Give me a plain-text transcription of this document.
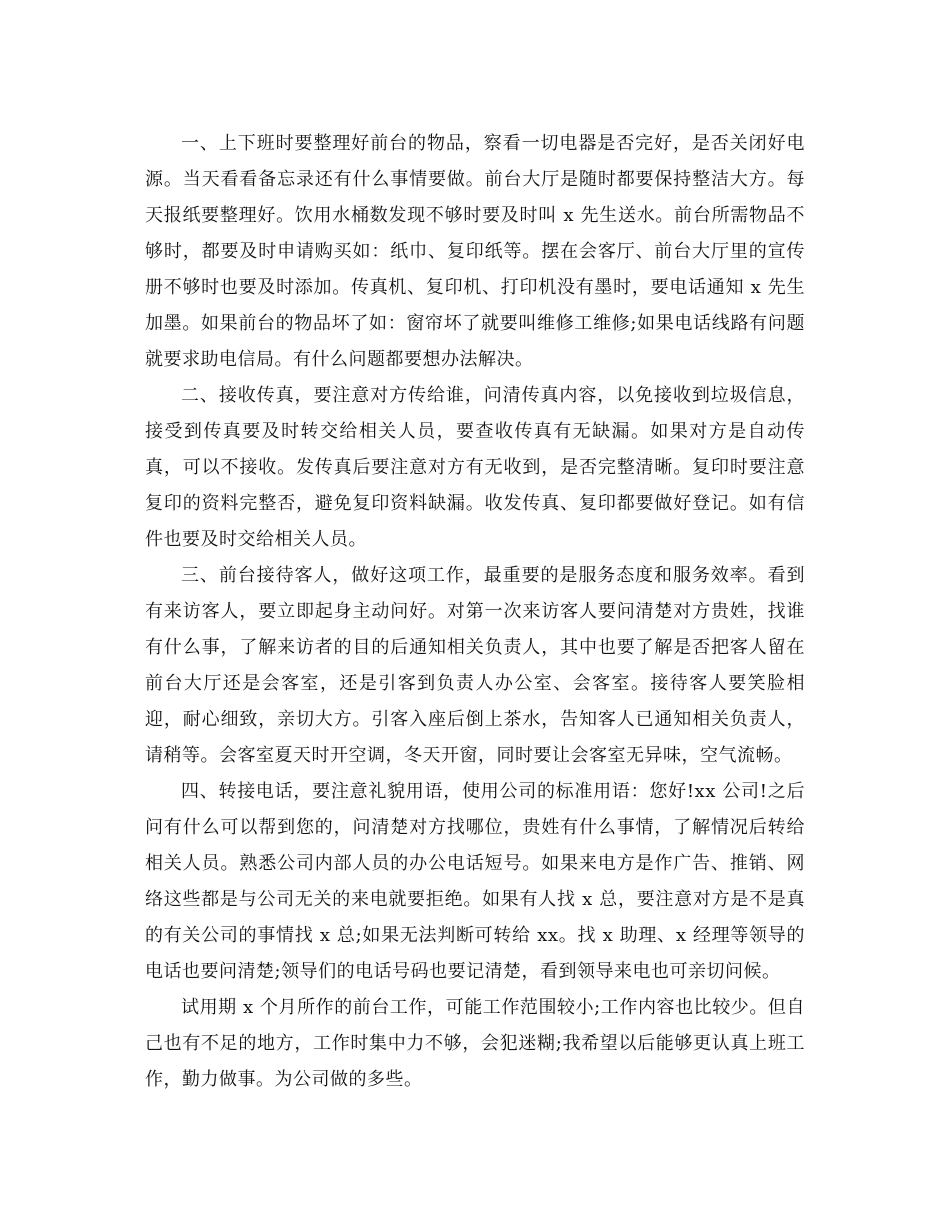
一、上下班时要整理好前台的物品，察看一切电器是否完好，是否关闭好电源。当天看看备忘录还有什么事情要做。前台大厅是随时都要保持整洁大方。每天报纸要整理好。饮用水桶数发现不够时要及时叫 x 先生送水。前台所需物品不够时，都要及时申请购买如：纸巾、复印纸等。摆在会客厅、前台大厅里的宣传册不够时也要及时添加。传真机、复印机、打印机没有墨时，要电话通知 x 先生加墨。如果前台的物品坏了如：窗帘坏了就要叫维修工维修;如果电话线路有问题就要求助电信局。有什么问题都要想办法解决。

二、接收传真，要注意对方传给谁，问清传真内容，以免接收到垃圾信息，接受到传真要及时转交给相关人员，要查收传真有无缺漏。如果对方是自动传真，可以不接收。发传真后要注意对方有无收到，是否完整清晰。复印时要注意复印的资料完整否，避免复印资料缺漏。收发传真、复印都要做好登记。如有信件也要及时交给相关人员。

三、前台接待客人，做好这项工作，最重要的是服务态度和服务效率。看到有来访客人，要立即起身主动问好。对第一次来访客人要问清楚对方贵姓，找谁有什么事，了解来访者的目的后通知相关负责人，其中也要了解是否把客人留在前台大厅还是会客室，还是引客到负责人办公室、会客室。接待客人要笑脸相迎，耐心细致，亲切大方。引客入座后倒上茶水，告知客人已通知相关负责人，请稍等。会客室夏天时开空调，冬天开窗，同时要让会客室无异味，空气流畅。

四、转接电话，要注意礼貌用语，使用公司的标准用语：您好!xx 公司!之后问有什么可以帮到您的，问清楚对方找哪位，贵姓有什么事情，了解情况后转给相关人员。熟悉公司内部人员的办公电话短号。如果来电方是作广告、推销、网络这些都是与公司无关的来电就要拒绝。如果有人找 x 总，要注意对方是不是真的有关公司的事情找 x 总;如果无法判断可转给 xx。找 x 助理、x 经理等领导的电话也要问清楚;领导们的电话号码也要记清楚，看到领导来电也可亲切问候。

试用期 x 个月所作的前台工作，可能工作范围较小;工作内容也比较少。但自己也有不足的地方，工作时集中力不够，会犯迷糊;我希望以后能够更认真上班工作，勤力做事。为公司做的多些。
